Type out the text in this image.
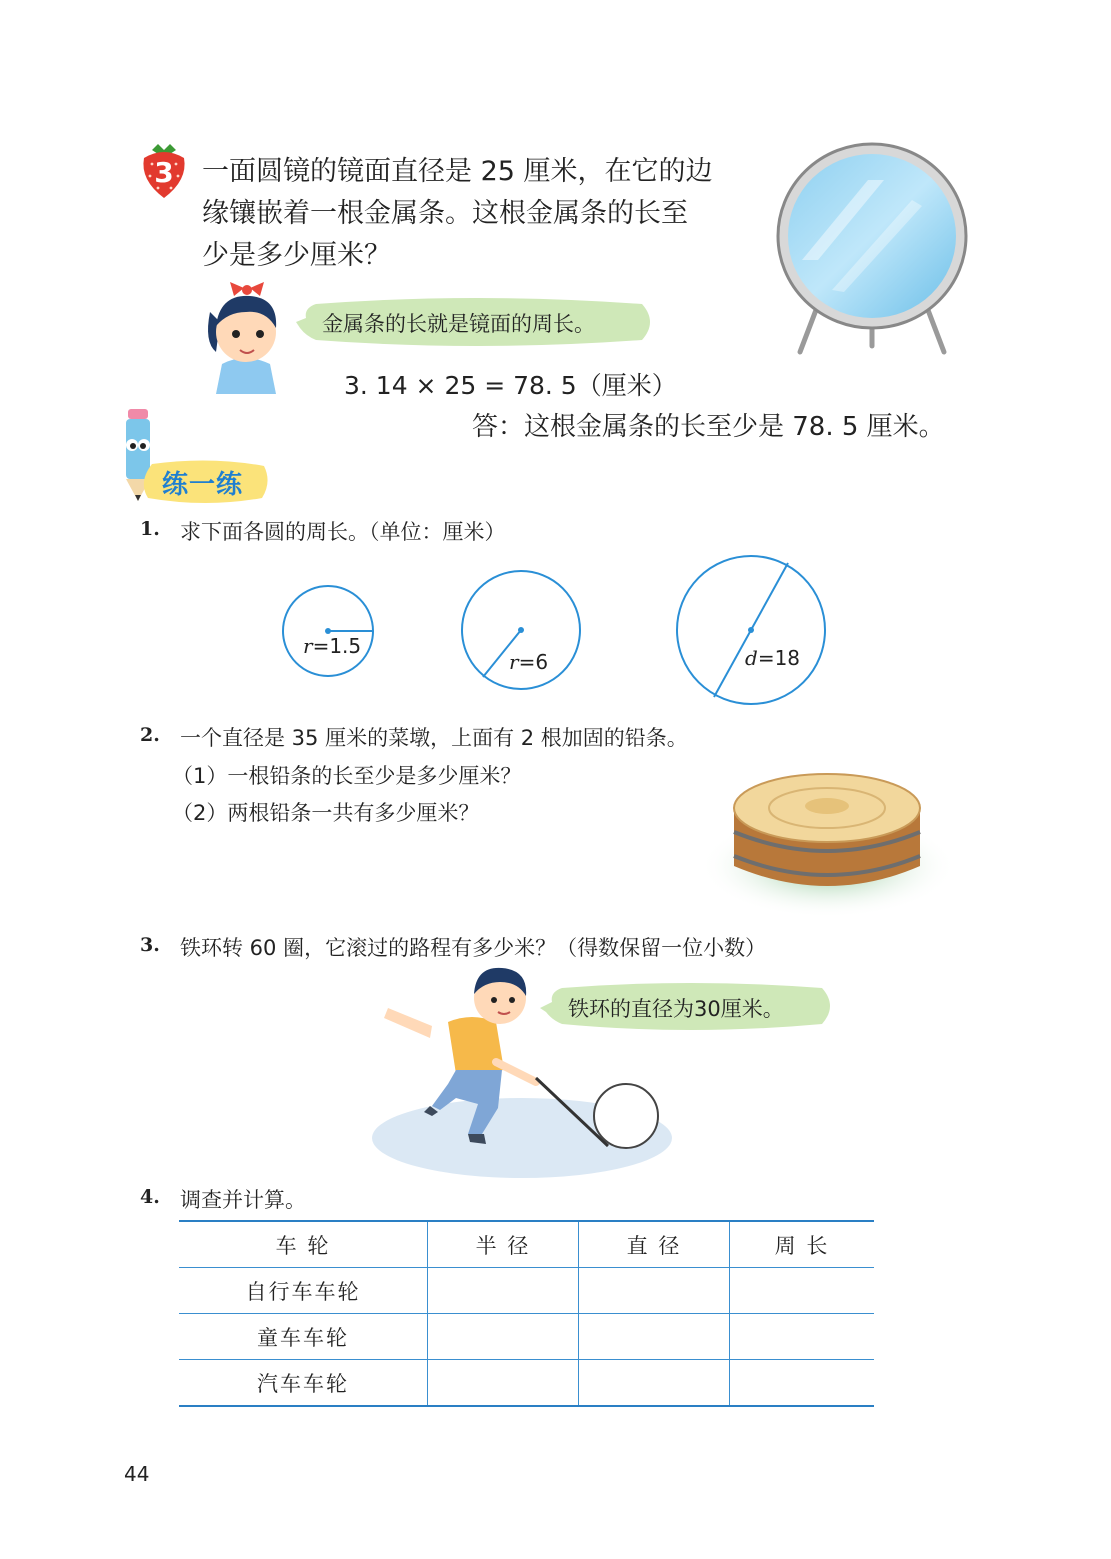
3	一面圆镜的镜面直径是 25 厘米，在它的边
缘镶嵌着一根金属条。这根金属条的长至
少是多少厘米？
金属条的长就是镜面的周长。
3. 14 × 25 = 78. 5（厘米）
答：这根金属条的长至少是 78. 5 厘米。
练一练
1. 求下面各圆的周长。（单位：厘米）
r=1.5
r=6	d=18
2. 一个直径是 35 厘米的菜墩，上面有 2 根加固的铅条。
（1）一根铅条的长至少是多少厘米？
（2）两根铅条一共有多少厘米？
3. 铁环转 60 圈，它滚过的路程有多少米？（得数保留一位小数）
铁环的直径为30厘米。
4. 调查并计算。
车 轮	半 径	直 径	周 长
自行车车轮			
童车车轮			
汽车车轮			
44
